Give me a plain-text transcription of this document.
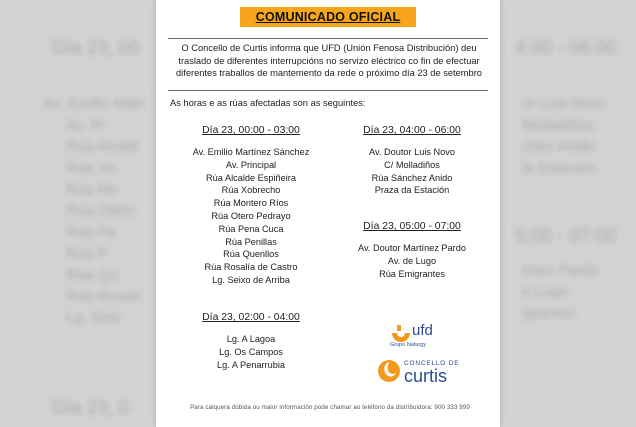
Día 23, 00
Av. Emilio Mart
Av. Pr
Rúa Alcald
Rúa Xo
Rúa Mo
Rúa Otero
Rúa Pe
Rúa P
Rúa Qu
Rúa Rosalí
Lg. Seix
Día 23, 0
4:00 - 06:00
or Luis Novo
Molladiños
chez Anido
la Estación
5:00 - 07:00
tínez Pardo
e Lugo
igrantes
COMUNICADO OFICIAL
O Concello de Curtis informa que UFD (Unión Fenosa Distribución) deu traslado de diferentes interrupcións no servizo eléctrico co fin de efectuar diferentes traballos de mantemento da rede o próximo día 23 de setembro
As horas e as rúas afectadas son as seguintes:
Día 23, 00:00 - 03:00
Av. Emilio Martínez Sánchez
Av. Principal
Rúa Alcalde Espiñeira
Rúa Xobrecho
Rúa Montero Ríos
Rúa Otero Pedrayo
Rúa Pena Cuca
Rúa Penillas
Rúa Quenllos
Rúa Rosalía de Castro
Lg. Seixo de Arriba
Día 23, 02:00 - 04:00
Lg. A Lagoa
Lg. Os Campos
Lg. A Penarrubia
Día 23, 04:00 - 06:00
Av. Doutor Luis Novo
C/ Molladiños
Rúa Sánchez Anido
Praza da Estación
Día 23, 05:00 - 07:00
Av. Doutor Martínez Pardo
Av. de Lugo
Rúa Emigrantes
ufd
Grupo Naturgy
CONCELLO DE
curtis
Para calquera dúbida ou maior información pode chamar ao teléfono da distribuidora: 900 333 999
